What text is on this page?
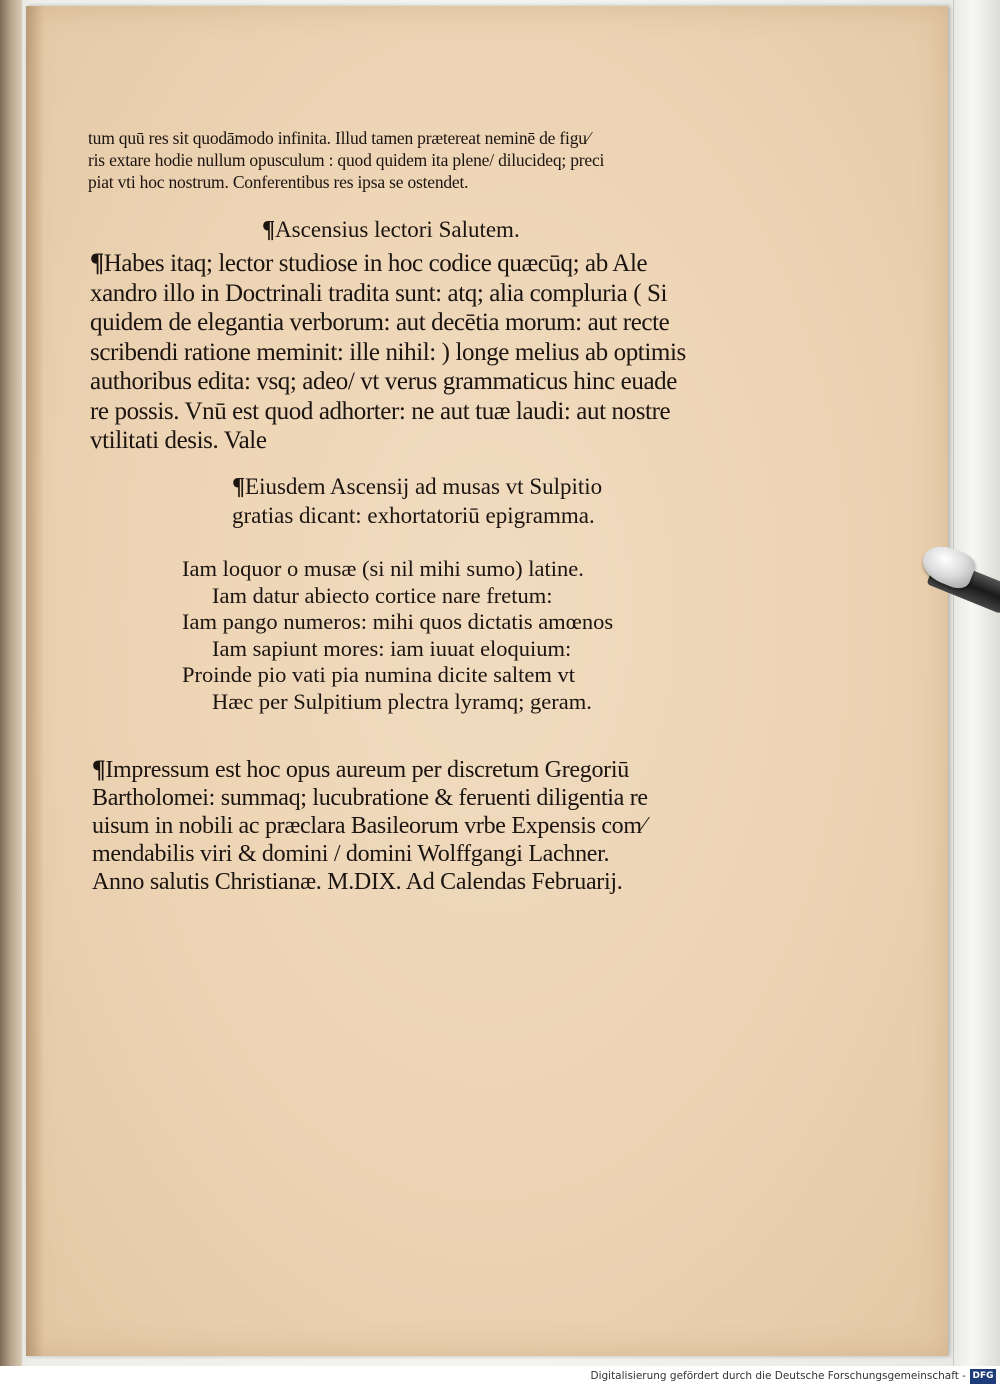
tum quū res sit quodāmodo infinita. Illud tamen prætereat neminē de figu⁄
ris extare hodie nullum opusculum : quod quidem ita plene/ dilucideq; preci
piat vti hoc nostrum. Conferentibus res ipsa se ostendet.
¶Ascensius lectori Salutem.
¶Habes itaq; lector studiose in hoc codice quæcūq; ab Ale
xandro illo in Doctrinali tradita sunt: atq; alia compluria ( Si
quidem de elegantia verborum: aut decētia morum: aut recte
scribendi ratione meminit: ille nihil: ) longe melius ab optimis
authoribus edita: vsq; adeo/ vt verus grammaticus hinc euade
re possis. Vnū est quod adhorter: ne aut tuæ laudi: aut nostre
vtilitati desis. Vale
¶Eiusdem Ascensij ad musas vt Sulpitio
gratias dicant: exhortatoriū epigramma.
Iam loquor o musæ (si nil mihi sumo) latine.
Iam datur abiecto cortice nare fretum:
Iam pango numeros: mihi quos dictatis amœnos
Iam sapiunt mores: iam iuuat eloquium:
Proinde pio vati pia numina dicite saltem vt
Hæc per Sulpitium plectra lyramq; geram.
¶Impressum est hoc opus aureum per discretum Gregoriū
Bartholomei: summaq; lucubratione & feruenti diligentia re
uisum in nobili ac præclara Basileorum vrbe Expensis com⁄
mendabilis viri & domini / domini Wolffgangi Lachner.
Anno salutis Christianæ. M.DIX. Ad Calendas Februarij.
Digitalisierung gefördert durch die Deutsche Forschungsgemeinschaft - DFG
